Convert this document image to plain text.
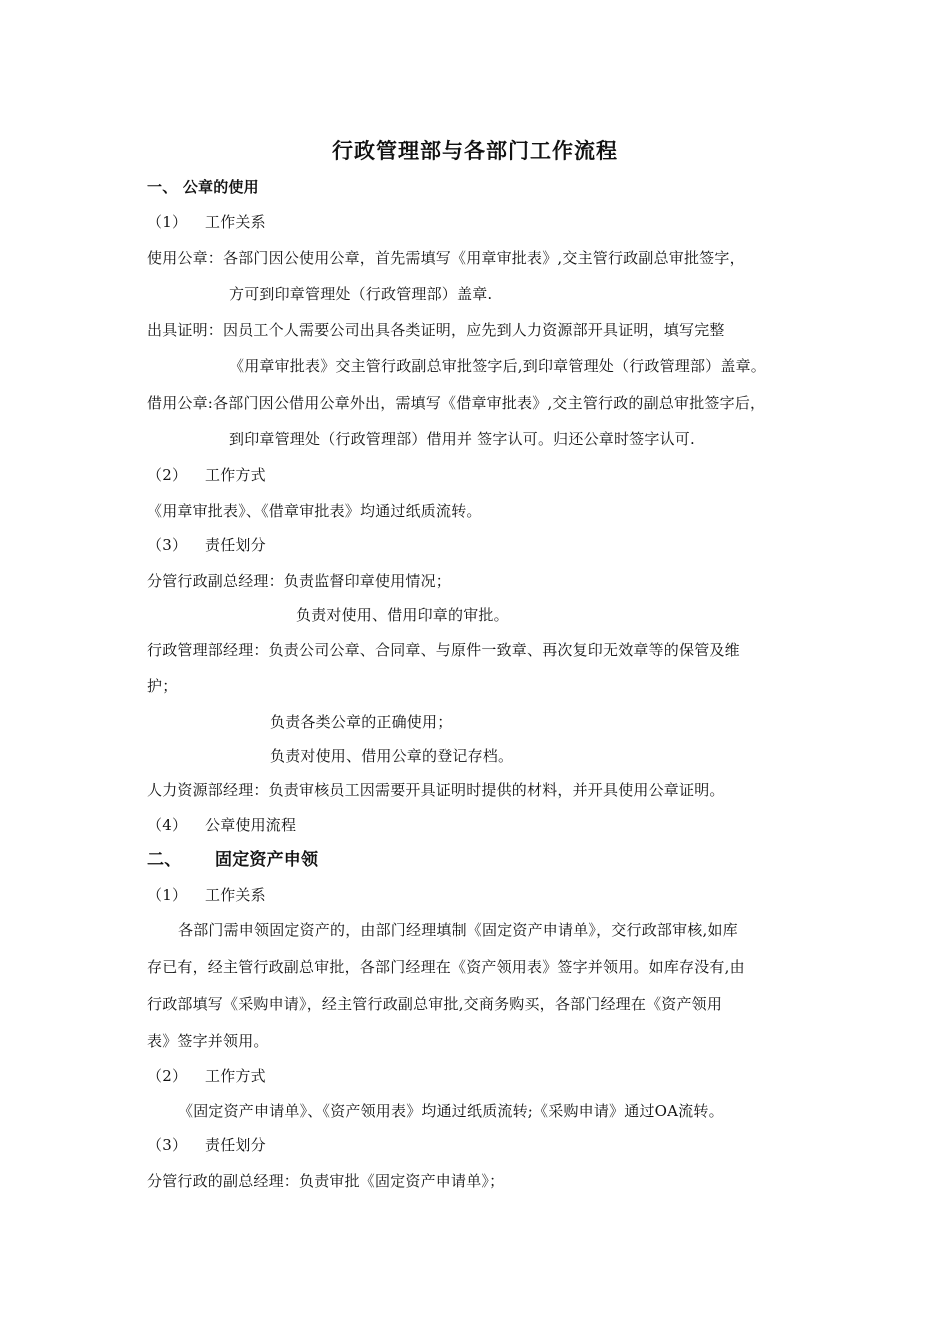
行政管理部与各部门工作流程
一、 公章的使用
（1） 工作关系
使用公章：各部门因公使用公章，首先需填写《用章审批表》,交主管行政副总审批签字，
方可到印章管理处（行政管理部）盖章.
出具证明：因员工个人需要公司出具各类证明，应先到人力资源部开具证明，填写完整
《用章审批表》交主管行政副总审批签字后,到印章管理处（行政管理部）盖章。
借用公章:各部门因公借用公章外出，需填写《借章审批表》,交主管行政的副总审批签字后，
到印章管理处（行政管理部）借用并 签字认可。归还公章时签字认可.
（2） 工作方式
《用章审批表》、《借章审批表》均通过纸质流转。
（3） 责任划分
分管行政副总经理：负责监督印章使用情况；
负责对使用、借用印章的审批。
行政管理部经理：负责公司公章、合同章、与原件一致章、再次复印无效章等的保管及维
护；
负责各类公章的正确使用；
负责对使用、借用公章的登记存档。
人力资源部经理：负责审核员工因需要开具证明时提供的材料，并开具使用公章证明。
（4） 公章使用流程
二、 固定资产申领
（1） 工作关系
各部门需申领固定资产的，由部门经理填制《固定资产申请单》，交行政部审核,如库
存已有，经主管行政副总审批，各部门经理在《资产领用表》签字并领用。如库存没有,由
行政部填写《采购申请》，经主管行政副总审批,交商务购买，各部门经理在《资产领用
表》签字并领用。
（2） 工作方式
《固定资产申请单》、《资产领用表》均通过纸质流转;《采购申请》通过OA流转。
（3） 责任划分
分管行政的副总经理：负责审批《固定资产申请单》；
